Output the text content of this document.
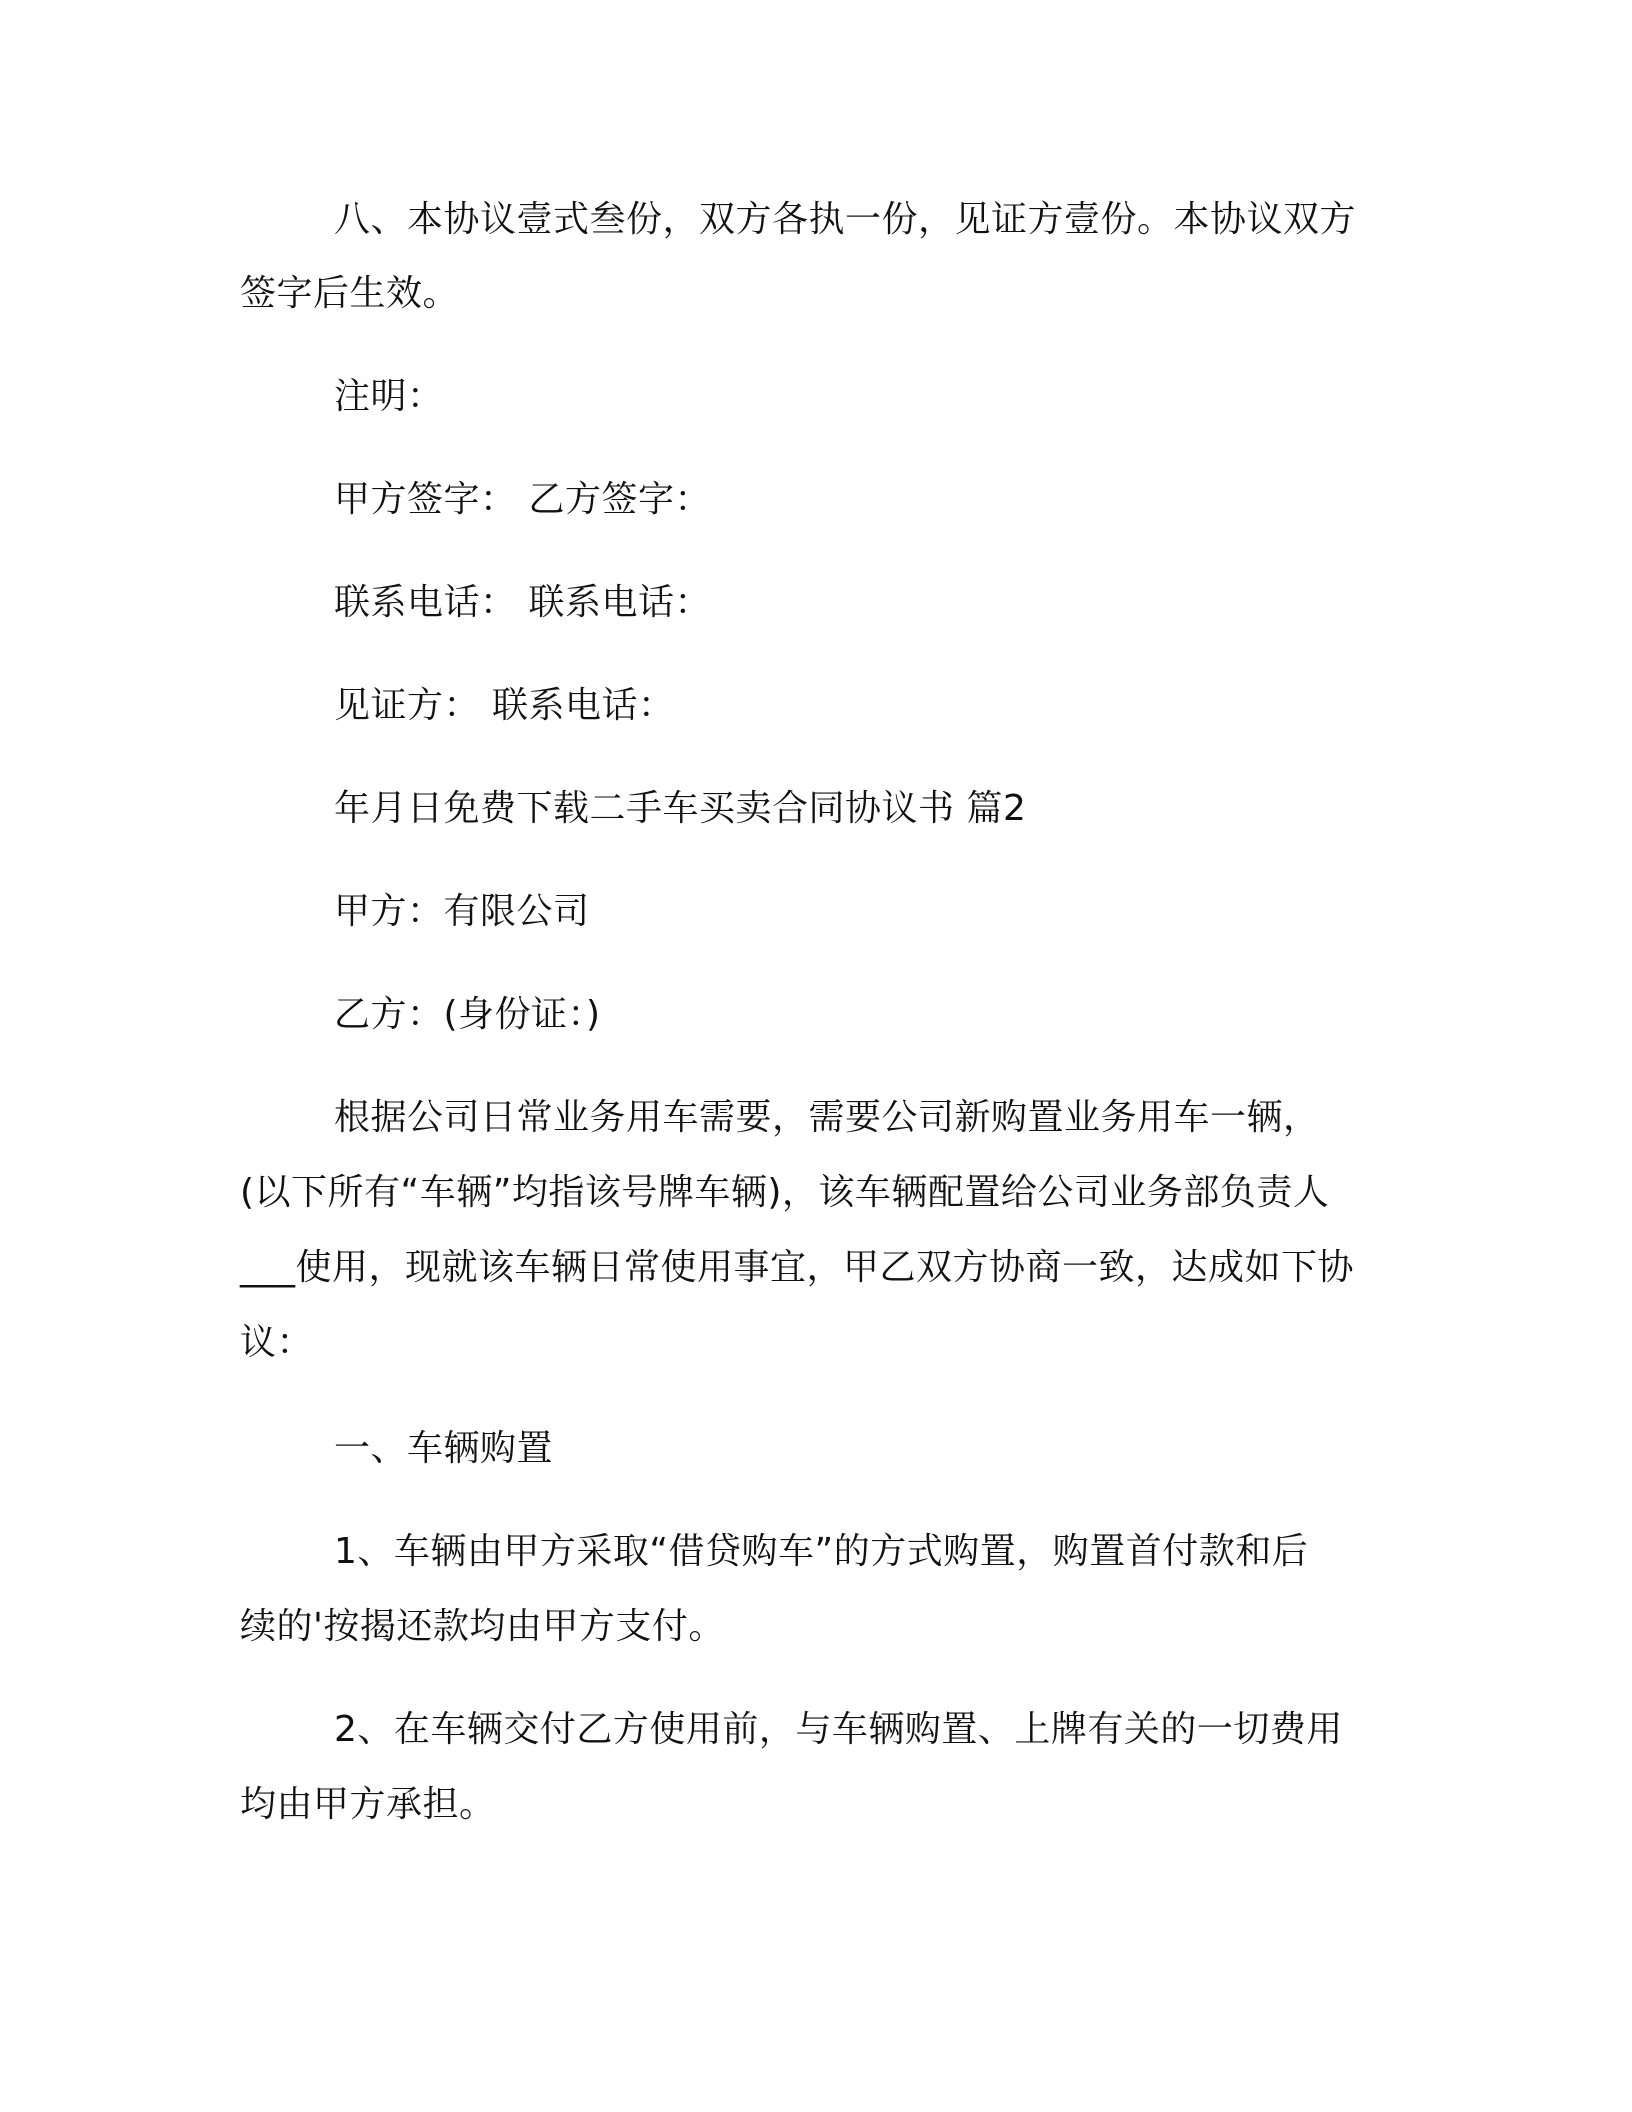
八、本协议壹式叁份，双方各执一份，见证方壹份。本协议双方
签字后生效。
注明：
甲方签字： 乙方签字：
联系电话： 联系电话：
见证方： 联系电话：
年月日免费下载二手车买卖合同协议书 篇2
甲方：有限公司
乙方：(身份证：)
根据公司日常业务用车需要，需要公司新购置业务用车一辆，
(以下所有“车辆”均指该号牌车辆)，该车辆配置给公司业务部负责人
___使用，现就该车辆日常使用事宜，甲乙双方协商一致，达成如下协
议：
一、车辆购置
1、车辆由甲方采取“借贷购车”的方式购置，购置首付款和后
续的'按揭还款均由甲方支付。
2、在车辆交付乙方使用前，与车辆购置、上牌有关的一切费用
均由甲方承担。
